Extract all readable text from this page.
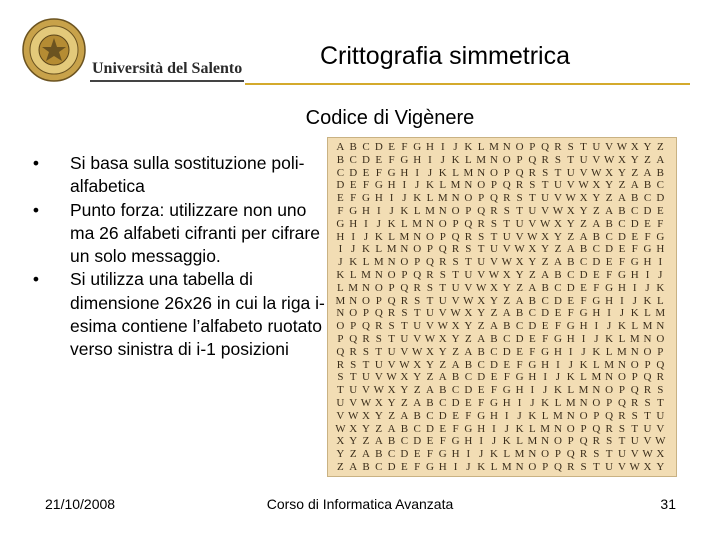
Università del Salento	Crittografia simmetrica
Codice di Vigènere
• Si basa sulla sostituzione poli-alfabetica
• Punto forza: utilizzare non uno ma 26 alfabeti cifranti per cifrare un solo messaggio.
• Si utilizza una tabella di dimensione 26x26 in cui la riga i-esima contiene l’alfabeto ruotato verso sinistra di i-1 posizioni
A B C D E F G H I J K L M N O P Q R S T U V W X Y Z
B C D E F G H I J K L M N O P Q R S T U V W X Y Z A
C D E F G H I J K L M N O P Q R S T U V W X Y Z A B
D E F G H I J K L M N O P Q R S T U V W X Y Z A B C
E F G H I J K L M N O P Q R S T U V W X Y Z A B C D
F G H I J K L M N O P Q R S T U V W X Y Z A B C D E
G H I J K L M N O P Q R S T U V W X Y Z A B C D E F
H I J K L M N O P Q R S T U V W X Y Z A B C D E F G
I J K L M N O P Q R S T U V W X Y Z A B C D E F G H
J K L M N O P Q R S T U V W X Y Z A B C D E F G H I
K L M N O P Q R S T U V W X Y Z A B C D E F G H I J
L M N O P Q R S T U V W X Y Z A B C D E F G H I J K
M N O P Q R S T U V W X Y Z A B C D E F G H I J K L
N O P Q R S T U V W X Y Z A B C D E F G H I J K L M
O P Q R S T U V W X Y Z A B C D E F G H I J K L M N
P Q R S T U V W X Y Z A B C D E F G H I J K L M N O
Q R S T U V W X Y Z A B C D E F G H I J K L M N O P
R S T U V W X Y Z A B C D E F G H I J K L M N O P Q
S T U V W X Y Z A B C D E F G H I J K L M N O P Q R
T U V W X Y Z A B C D E F G H I J K L M N O P Q R S
U V W X Y Z A B C D E F G H I J K L M N O P Q R S T
V W X Y Z A B C D E F G H I J K L M N O P Q R S T U
W X Y Z A B C D E F G H I J K L M N O P Q R S T U V
X Y Z A B C D E F G H I J K L M N O P Q R S T U V W
Y Z A B C D E F G H I J K L M N O P Q R S T U V W X
Z A B C D E F G H I J K L M N O P Q R S T U V W X Y
21/10/2008	Corso di Informatica Avanzata	31
